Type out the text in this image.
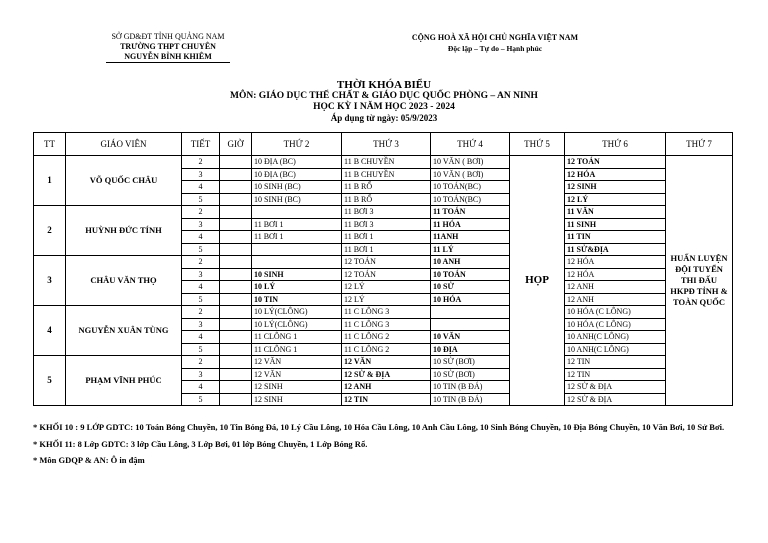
SỞ GD&ĐT TỈNH QUẢNG NAM
TRƯỜNG THPT CHUYÊN
NGUYỄN BỈNH KHIÊM
CỘNG HOÀ XÃ HỘI CHỦ NGHĨA VIỆT NAM

Độc lập – Tự do – Hạnh phúc
THỜI KHÓA BIỂU
MÔN: GIÁO DỤC THỂ CHẤT & GIÁO DỤC QUỐC PHÒNG – AN NINH
HỌC KỲ I NĂM HỌC 2023 - 2024
Áp dụng từ ngày: 05/9/2023
TT	GIÁO VIÊN	TIẾT	GIỜ	THỨ 2	THỨ 3	THỨ 4	THỨ 5	THỨ 6	THỨ 7
1	VÕ QUỐC CHÂU	2		10 ĐỊA (BC)	11 B CHUYỀN	10 VĂN ( BƠI)	HỌP	12 TOÁN	HUẤN LUYỆN ĐỘI TUYỂN THI ĐẤU HKPĐ TỈNH & TOÀN QUỐC
		3		10 ĐỊA (BC)	11 B CHUYỀN	10 VĂN ( BƠI)		12 HÓA	
		4		10 SINH (BC)	11 B RỔ	10 TOÁN(BC)		12 SINH	
		5		10 SINH (BC)	11 B RỔ	10 TOÁN(BC)		12 LÝ	
2	HUỲNH ĐỨC TÍNH	2			11 BƠI 3	11 TOÁN		11 VĂN	
		3		11 BƠI 1	11 BƠI 3	11 HÓA		11 SINH	
		4		11 BƠI 1	11 BƠI 1	11ANH		11 TIN	
		5			11 BƠI 1	11 LÝ		11 SỬ&ĐỊA	
3	CHÂU VĂN THỌ	2			12 TOÁN	10 ANH		12 HÓA	
		3		10 SINH	12 TOÁN	10 TOÁN		12 HÓA	
		4		10 LÝ	12 LÝ	10 SỬ		12 ANH	
		5		10 TIN	12 LÝ	10 HÓA		12 ANH	
4	NGUYỄN XUÂN TÙNG	2		10 LÝ(CLÔNG)	11 C LÔNG 3			10 HÓA (C LÔNG)	
		3		10 LÝ(CLÔNG)	11 C LÔNG 3			10 HÓA (C LÔNG)	
		4		11 CLÔNG 1	11 C LÔNG 2	10 VĂN		10 ANH(C LÔNG)	
		5		11 CLÔNG 1	11 C LÔNG 2	10 ĐỊA		10 ANH(C LÔNG)	
5	PHẠM VĨNH PHÚC	2		12 VĂN	12 VĂN	10 SỬ (BƠI)		12 TIN	
		3		12 VĂN	12 SỬ & ĐỊA	10 SỬ (BƠI)		12 TIN	
		4		12 SINH	12 ANH	10 TIN (B ĐÁ)		12 SỬ & ĐỊA	
		5		12 SINH	12 TIN	10 TIN (B ĐÁ)		12 SỬ & ĐỊA	

* KHỐI 10 : 9 LỚP GDTC: 10 Toán Bóng Chuyền, 10 Tin Bóng Đá, 10 Lý Cầu Lông, 10 Hóa Cầu Lông, 10 Anh Cầu Lông, 10 Sinh Bóng Chuyền, 10 Địa Bóng Chuyền, 10 Văn Bơi, 10 Sử Bơi.

* KHỐI 11: 8 Lớp GDTC: 3 lớp Cầu Lông, 3 Lớp Bơi, 01 lớp Bóng Chuyền, 1 Lớp Bóng Rổ.

* Môn GDQP & AN: Ô in đậm
